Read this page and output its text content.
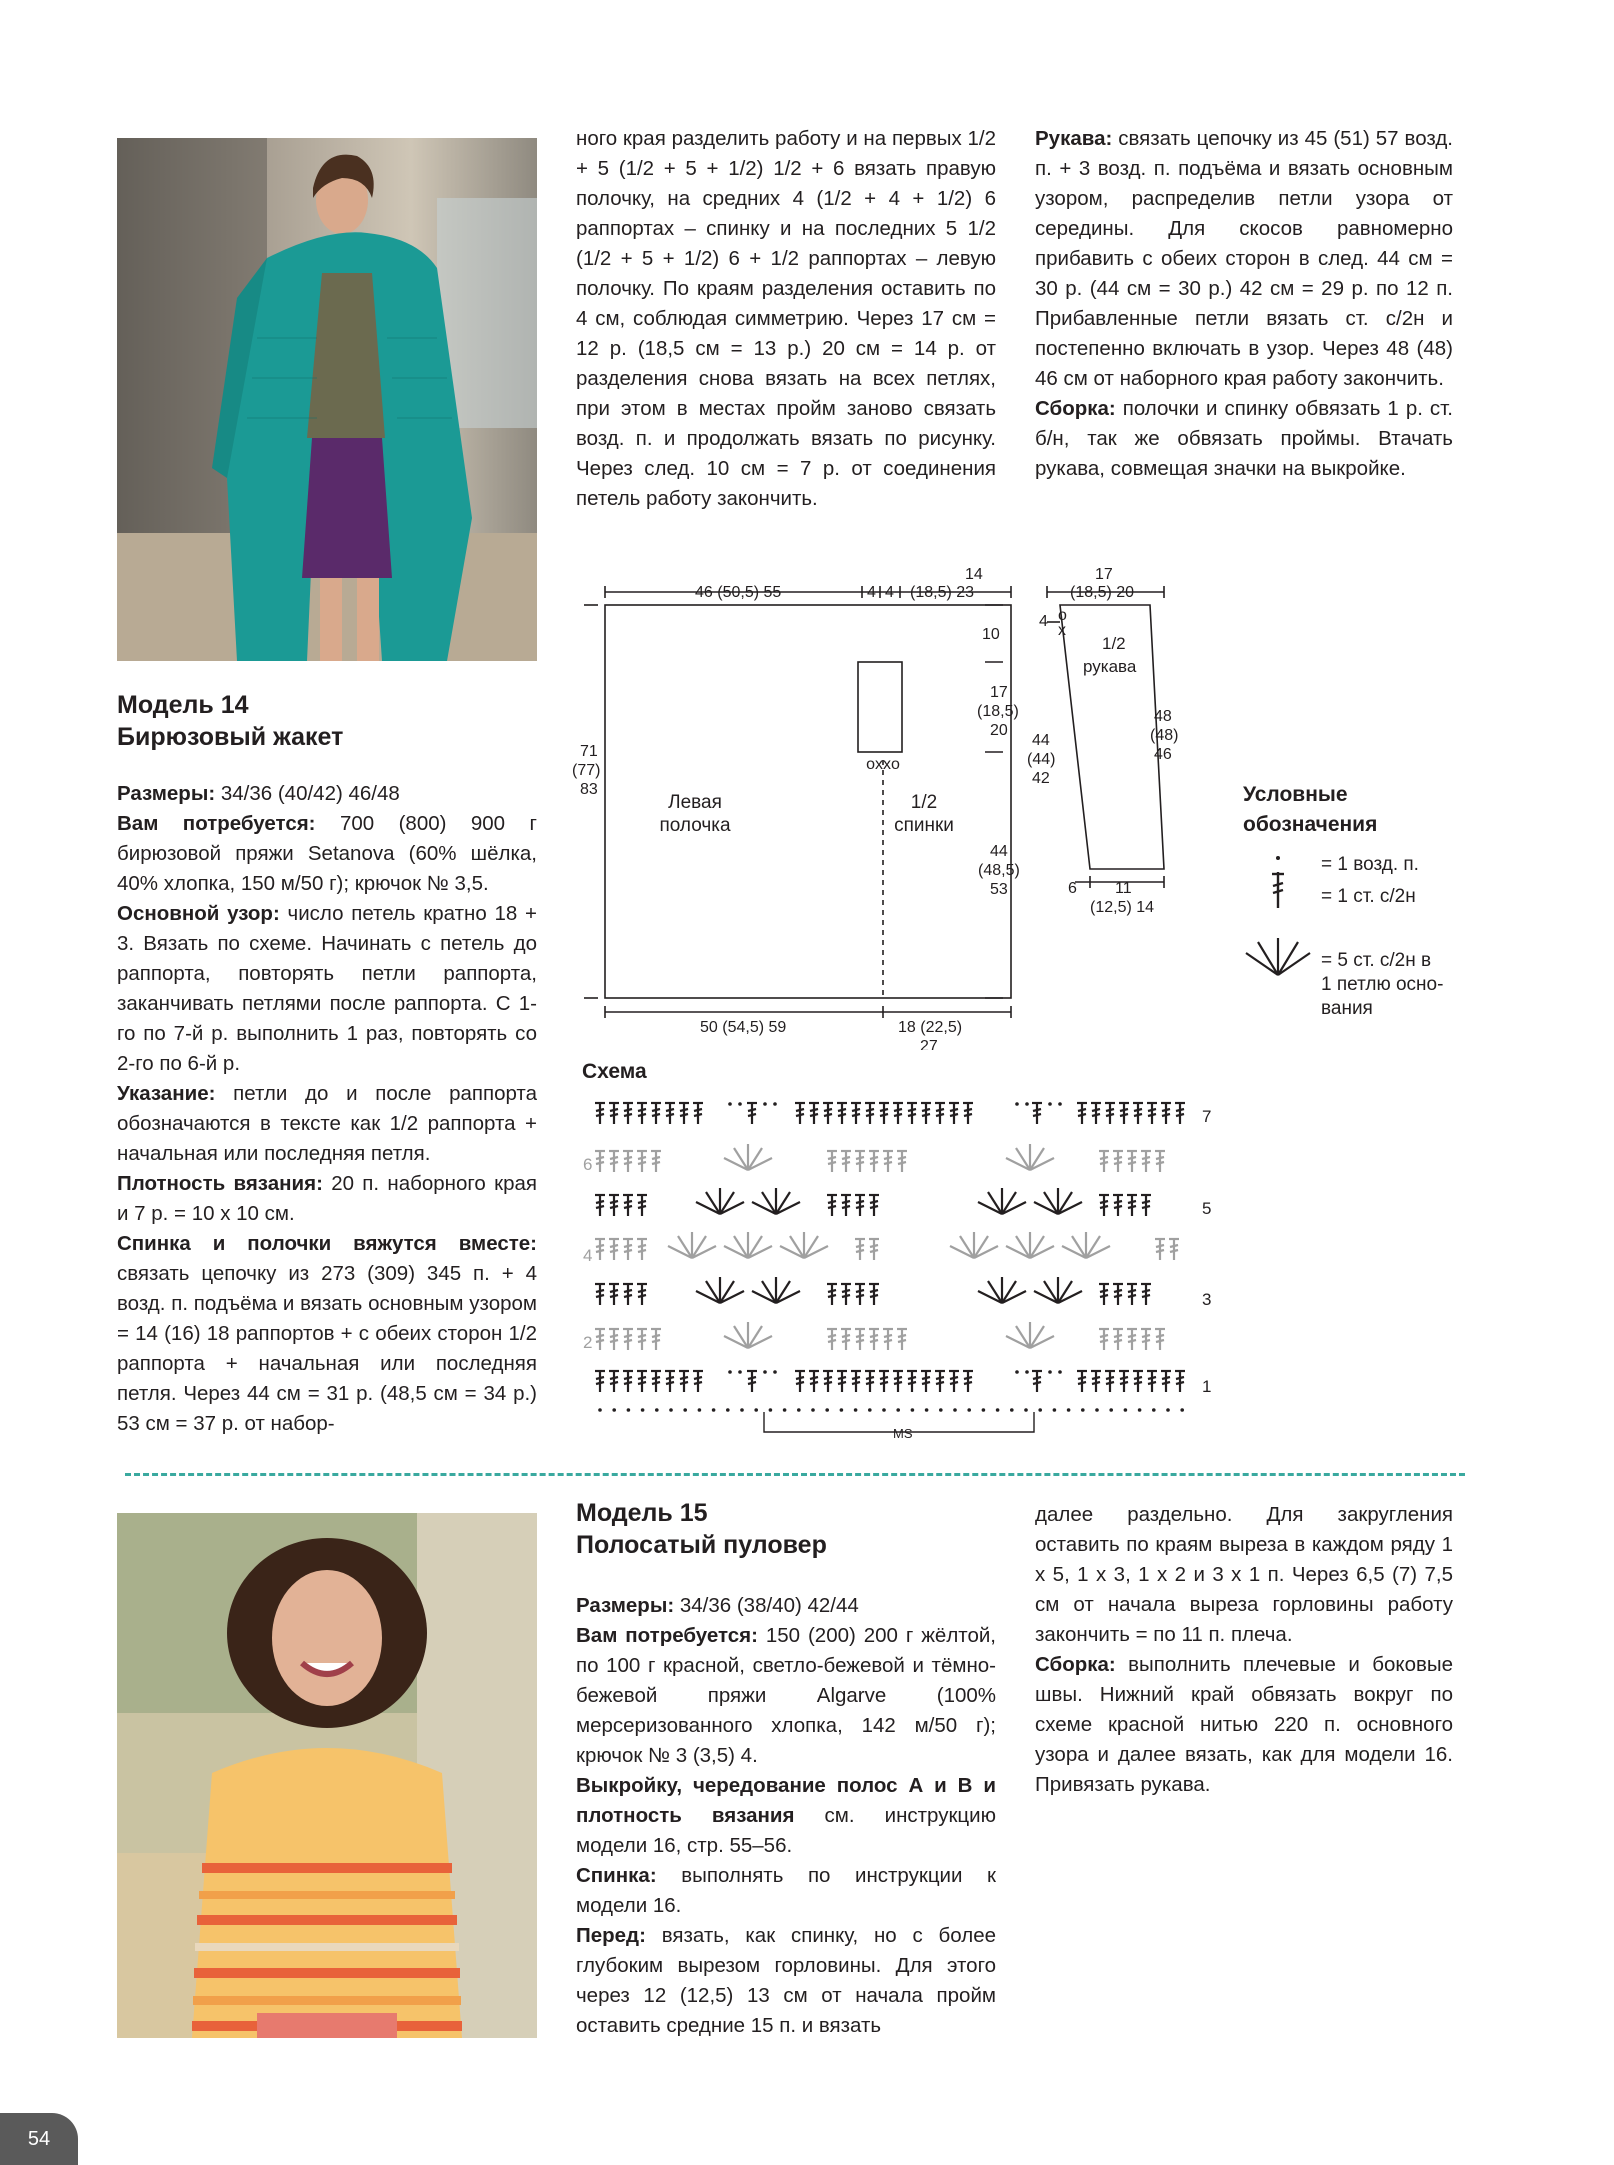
Модель 14
Бирюзовый жакет

Размеры: 34/36 (40/42) 46/48

Вам потребуется: 700 (800) 900 г бирюзовой пряжи Setanova (60% шёлка, 40% хлопка, 150 м/50 г); крючок № 3,5.

Основной узор: число петель кратно 18 + 3. Вязать по схеме. Начинать с петель до раппорта, повторять петли раппорта, заканчивать петлями после раппорта. С 1-го по 7-й р. выполнить 1 раз, повторять со 2-го по 6-й р.

Указание: петли до и после раппорта обозначаются в тексте как 1/2 раппорта + начальная или последняя петля.

Плотность вязания: 20 п. наборного края и 7 р. = 10 х 10 см.

Спинка и полочки вяжутся вместе: связать цепочку из 273 (309) 345 п. + 4 возд. п. подъёма и вязать основным узором = 14 (16) 18 раппортов + с обеих сторон 1/2 раппорта + начальная или последняя петля. Через 44 см = 31 р. (48,5 см = 34 р.) 53 см = 37 р. от набор-

ного края разделить работу и на первых 1/2 + 5 (1/2 + 5 + 1/2) 1/2 + 6 вязать правую полочку, на средних 4 (1/2 + 4 + 1/2) 6 раппортах – спинку и на последних 5 1/2 (1/2 + 5 + 1/2) 6 + 1/2 раппортах – левую полочку. По краям разделения оставить по 4 см, соблюдая симметрию. Через 17 см = 12 р. (18,5 см = 13 р.) 20 см = 14 р. от разделения снова вязать на всех петлях, при этом в местах пройм заново связать возд. п. и продолжать вязать по рисунку. Через след. 10 см = 7 р. от соединения петель работу закончить.

Рукава: связать цепочку из 45 (51) 57 возд. п. + 3 возд. п. подъёма и вязать основным узором, распределив петли узора от середины. Для скосов равномерно прибавить с обеих сторон в след. 44 см = 30 р. (44 см = 30 р.) 42 см = 29 р. по 12 п. Прибавленные петли вязать ст. с/2н и постепенно включать в узор. Через 48 (48) 46 см от наборного края работу закончить.

Сборка: полочки и спинку обвязать 1 р. ст. б/н, так же обвязать проймы. Втачать рукава, совмещая значки на выкройке.

46 (50,5) 55	4 4
14
(18,5) 23
10
17
(18,5)
20
44
(48,5)
53
71
(77)
83
oxxo
50 (54,5) 59	18 (22,5)
27
17
(18,5) 20
4 o
x
1/2
рукава
44
(44)
42
48
(48)
46
6 11
(12,5) 14
Левая
полочка
1/2
спинки
Условные
обозначения
= 1 возд. п.
= 1 ст. с/2н
= 5 ст. с/2н в
1 петлю осно-
вания
Схема
7
6
5
4
3
2
1
MS
Модель 15
Полосатый пуловер

Размеры: 34/36 (38/40) 42/44

Вам потребуется: 150 (200) 200 г жёлтой, по 100 г красной, светло-бежевой и тёмно-бежевой пряжи Algarve (100% мерсеризованного хлопка, 142 м/50 г); крючок № 3 (3,5) 4.

Выкройку, чередование полос А и В и плотность вязания см. инструкцию модели 16, стр. 55–56.

Спинка: выполнять по инструкции к модели 16.

Перед: вязать, как спинку, но с более глубоким вырезом горловины. Для этого через 12 (12,5) 13 см от начала пройм оставить средние 15 п. и вязать

далее раздельно. Для закругления оставить по краям выреза в каждом ряду 1 х 5, 1 х 3, 1 х 2 и 3 х 1 п. Через 6,5 (7) 7,5 см от начала выреза горловины работу закончить = по 11 п. плеча.

Сборка: выполнить плечевые и боковые швы. Нижний край обвязать вокруг по схеме красной нитью 220 п. основного узора и далее вязать, как для модели 16. Привязать рукава.

54
